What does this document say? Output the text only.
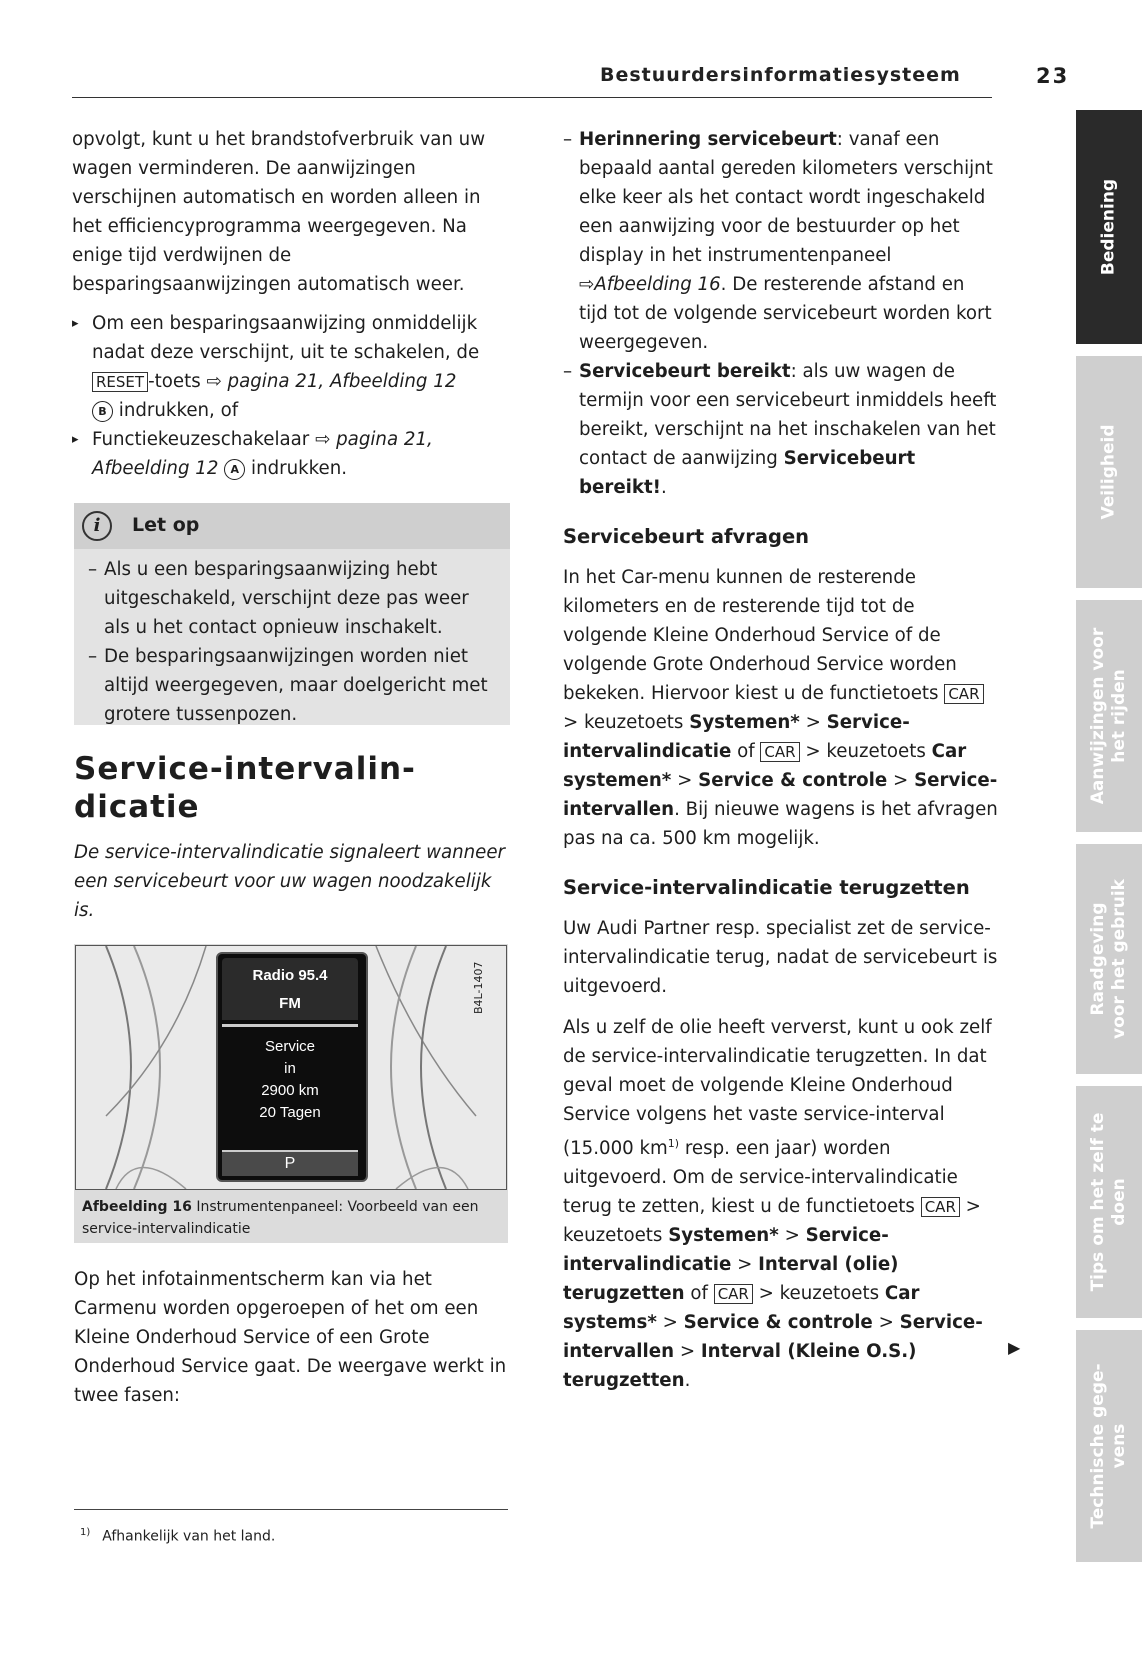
Bestuurdersinformatiesysteem	23

opvolgt, kunt u het brandstofverbruik van uw wagen verminderen. De aanwijzingen verschijnen automatisch en worden alleen in het efficiencyprogramma weergegeven. Na enige tijd verdwijnen de besparingsaanwijzingen automatisch weer.

▸ Om een besparingsaanwijzing onmiddelijk nadat deze verschijnt, uit te schakelen, de RESET -toets ⇨ pagina 21, Afbeelding 12
B indrukken, of
▸ Functiekeuzeschakelaar ⇨ pagina 21, Afbeelding 12 A indrukken.
i	Let op
– Als u een besparingsaanwijzing hebt uitgeschakeld, verschijnt deze pas weer als u het contact opnieuw inschakelt.
– De besparingsaanwijzingen worden niet altijd weergegeven, maar doelgericht met grotere tussenpozen.
Service-intervalin-dicatie
De service-intervalindicatie signaleert wanneer een servicebeurt voor uw wagen noodzakelijk is.
Radio 95.4
FM
Service
in
2900 km
20 Tagen
P
B4L-1407
Afbeelding 16 Instrumentenpaneel: Voorbeeld van een service-intervalindicatie

Op het infotainmentscherm kan via het Carmenu worden opgeroepen of het om een Kleine Onderhoud Service of een Grote Onderhoud Service gaat. De weergave werkt in twee fasen:

$^{1)}$ Afhankelijk van het land.
– Herinnering servicebeurt: vanaf een bepaald aantal gereden kilometers verschijnt elke keer als het contact wordt ingeschakeld een aanwijzing voor de bestuurder op het display in het instrumentenpaneel ⇨Afbeelding 16. De resterende afstand en tijd tot de volgende servicebeurt worden kort weergegeven.
– Servicebeurt bereikt: als uw wagen de termijn voor een servicebeurt inmiddels heeft bereikt, verschijnt na het inschakelen van het contact de aanwijzing Servicebeurt bereikt!.

Servicebeurt afvragen

In het Car-menu kunnen de resterende kilometers en de resterende tijd tot de volgende Kleine Onderhoud Service of de volgende Grote Onderhoud Service worden bekeken. Hiervoor kiest u de functietoets CAR > keuzetoets Systemen* > Service-intervalindicatie of CAR > keuzetoets Car systemen* > Service & controle > Service-intervallen. Bij nieuwe wagens is het afvragen pas na ca. 500 km mogelijk.

Service-intervalindicatie terugzetten

Uw Audi Partner resp. specialist zet de service-intervalindicatie terug, nadat de servicebeurt is uitgevoerd.

Als u zelf de olie heeft ververst, kunt u ook zelf de service-intervalindicatie terugzetten. In dat geval moet de volgende Kleine Onderhoud Service volgens het vaste service-interval (15.000 $km^{1)}$ resp. een jaar) worden uitgevoerd. Om de service-intervalindicatie terug te zetten, kiest u de functietoets CAR > keuzetoets Systemen* > Service-intervalindicatie > Interval (olie) terugzetten of CAR > keuzetoets Car systems* > Service & controle > Service-intervallen > Interval (Kleine O.S.) terugzetten.

▶
Bediening
Veiligheid
Aanwijzingen voor het rijden
Raadgeving voor het gebruik
Tips om het zelf te doen
Technische gege- vens
